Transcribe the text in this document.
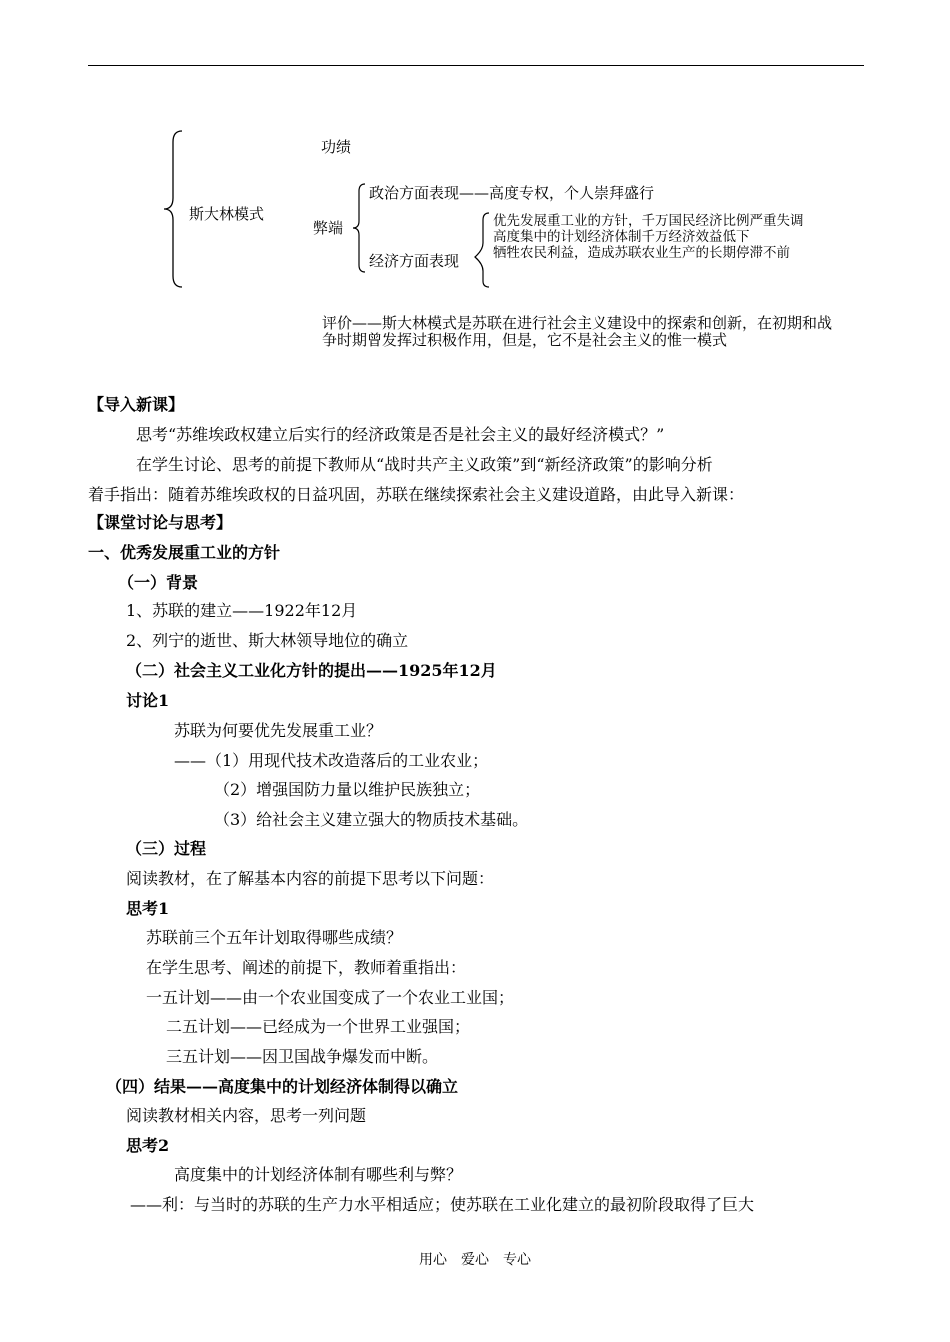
斯大林模式
功绩
弊端
政治方面表现——高度专权，个人崇拜盛行
经济方面表现
优先发展重工业的方针，千万国民经济比例严重失调
高度集中的计划经济体制千万经济效益低下
牺牲农民利益，造成苏联农业生产的长期停滞不前
评价——斯大林模式是苏联在进行社会主义建设中的探索和创新，在初期和战
争时期曾发挥过积极作用，但是，它不是社会主义的惟一模式
【导入新课】
思考“苏维埃政权建立后实行的经济政策是否是社会主义的最好经济模式？”
在学生讨论、思考的前提下教师从“战时共产主义政策”到“新经济政策”的影响分析
着手指出：随着苏维埃政权的日益巩固，苏联在继续探索社会主义建设道路，由此导入新课：
【课堂讨论与思考】
一、优秀发展重工业的方针
（一）背景
1、苏联的建立——1922年12月
2、列宁的逝世、斯大林领导地位的确立
（二）社会主义工业化方针的提出——1925年12月
讨论1
苏联为何要优先发展重工业？
——（1）用现代技术改造落后的工业农业；
（2）增强国防力量以维护民族独立；
（3）给社会主义建立强大的物质技术基础。
（三）过程
阅读教材，在了解基本内容的前提下思考以下问题：
思考1
苏联前三个五年计划取得哪些成绩？
在学生思考、阐述的前提下，教师着重指出：
一五计划——由一个农业国变成了一个农业工业国；
二五计划——已经成为一个世界工业强国；
三五计划——因卫国战争爆发而中断。
（四）结果——高度集中的计划经济体制得以确立
阅读教材相关内容，思考一列问题
思考2
高度集中的计划经济体制有哪些利与弊？
——利：与当时的苏联的生产力水平相适应；使苏联在工业化建立的最初阶段取得了巨大
用心　爱心　专心
